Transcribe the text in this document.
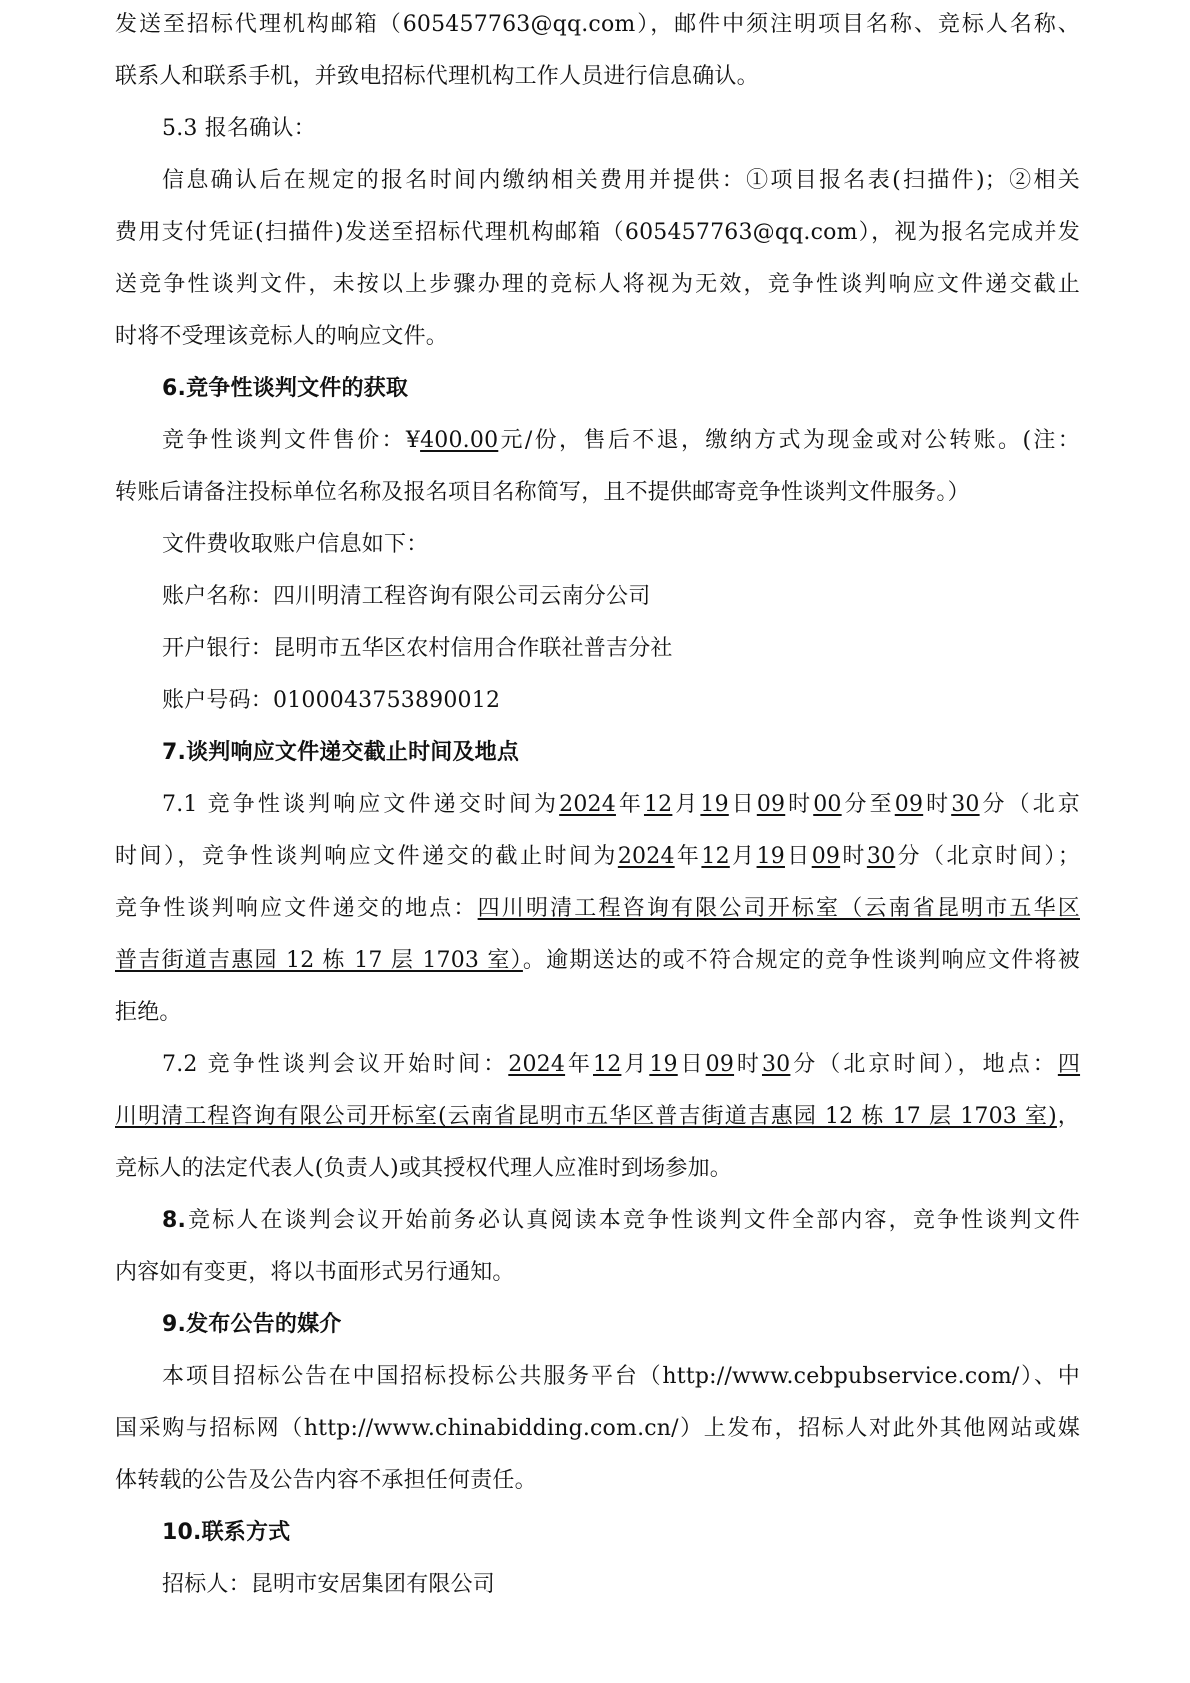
发送至招标代理机构邮箱（605457763@qq.com），邮件中须注明项目名称、竞标人名称、
联系人和联系手机，并致电招标代理机构工作人员进行信息确认。
5.3 报名确认：
信息确认后在规定的报名时间内缴纳相关费用并提供：①项目报名表(扫描件)；②相关
费用支付凭证(扫描件)发送至招标代理机构邮箱（605457763@qq.com），视为报名完成并发
送竞争性谈判文件，未按以上步骤办理的竞标人将视为无效，竞争性谈判响应文件递交截止
时将不受理该竞标人的响应文件。
6.竞争性谈判文件的获取
竞争性谈判文件售价：¥400.00元/份，售后不退，缴纳方式为现金或对公转账。(注：
转账后请备注投标单位名称及报名项目名称简写，且不提供邮寄竞争性谈判文件服务。）
文件费收取账户信息如下：
账户名称：四川明清工程咨询有限公司云南分公司
开户银行：昆明市五华区农村信用合作联社普吉分社
账户号码：0100043753890012
7.谈判响应文件递交截止时间及地点
7.1 竞争性谈判响应文件递交时间为2024年12月19日09时00分至09时30分（北京
时间），竞争性谈判响应文件递交的截止时间为2024年12月19日09时30分（北京时间）；
竞争性谈判响应文件递交的地点：四川明清工程咨询有限公司开标室（云南省昆明市五华区
普吉街道吉惠园 12 栋 17 层 1703 室）。逾期送达的或不符合规定的竞争性谈判响应文件将被
拒绝。
7.2 竞争性谈判会议开始时间：2024年12月19日09时30分（北京时间），地点：四
川明清工程咨询有限公司开标室(云南省昆明市五华区普吉街道吉惠园 12 栋 17 层 1703 室)，
竞标人的法定代表人(负责人)或其授权代理人应准时到场参加。
8.竞标人在谈判会议开始前务必认真阅读本竞争性谈判文件全部内容，竞争性谈判文件
内容如有变更，将以书面形式另行通知。
9.发布公告的媒介
本项目招标公告在中国招标投标公共服务平台（http://www.cebpubservice.com/）、中
国采购与招标网（http://www.chinabidding.com.cn/）上发布，招标人对此外其他网站或媒
体转载的公告及公告内容不承担任何责任。
10.联系方式
招标人：昆明市安居集团有限公司
